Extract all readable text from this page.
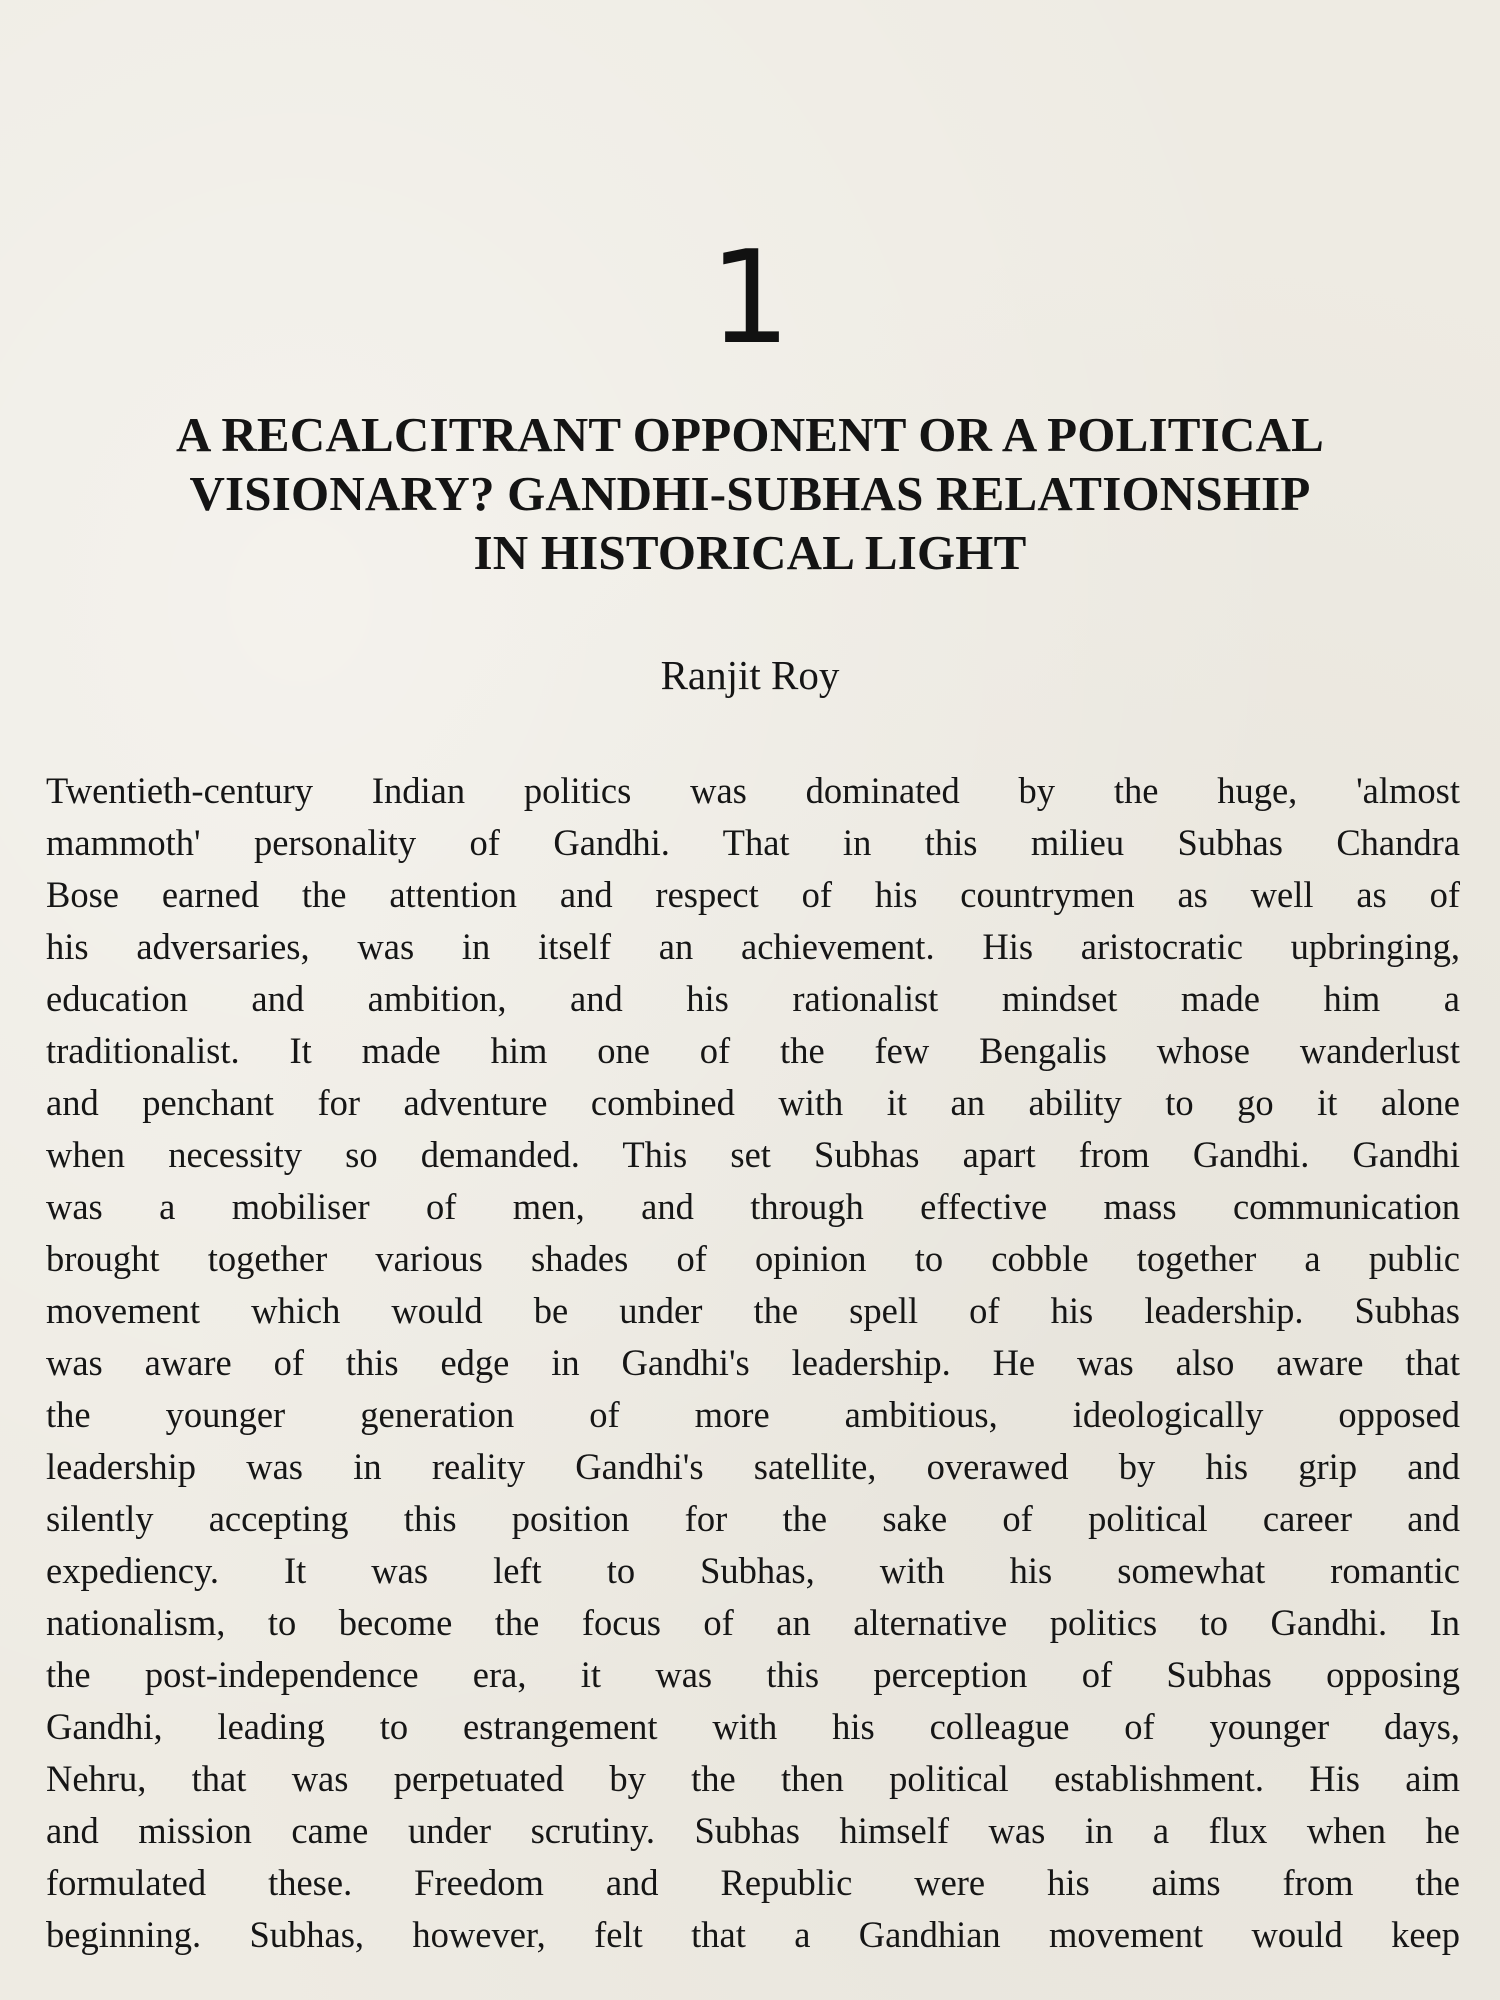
1
A RECALCITRANT OPPONENT OR A POLITICAL
VISIONARY? GANDHI-SUBHAS RELATIONSHIP
IN HISTORICAL LIGHT
Ranjit Roy
Twentieth-century Indian politics was dominated by the huge, 'almost
mammoth' personality of Gandhi. That in this milieu Subhas Chandra
Bose earned the attention and respect of his countrymen as well as of
his adversaries, was in itself an achievement. His aristocratic upbringing,
education and ambition, and his rationalist mindset made him a
traditionalist. It made him one of the few Bengalis whose wanderlust
and penchant for adventure combined with it an ability to go it alone
when necessity so demanded. This set Subhas apart from Gandhi. Gandhi
was a mobiliser of men, and through effective mass communication
brought together various shades of opinion to cobble together a public
movement which would be under the spell of his leadership. Subhas
was aware of this edge in Gandhi's leadership. He was also aware that
the younger generation of more ambitious, ideologically opposed
leadership was in reality Gandhi's satellite, overawed by his grip and
silently accepting this position for the sake of political career and
expediency. It was left to Subhas, with his somewhat romantic
nationalism, to become the focus of an alternative politics to Gandhi. In
the post-independence era, it was this perception of Subhas opposing
Gandhi, leading to estrangement with his colleague of younger days,
Nehru, that was perpetuated by the then political establishment. His aim
and mission came under scrutiny. Subhas himself was in a flux when he
formulated these. Freedom and Republic were his aims from the
beginning. Subhas, however, felt that a Gandhian movement would keep
